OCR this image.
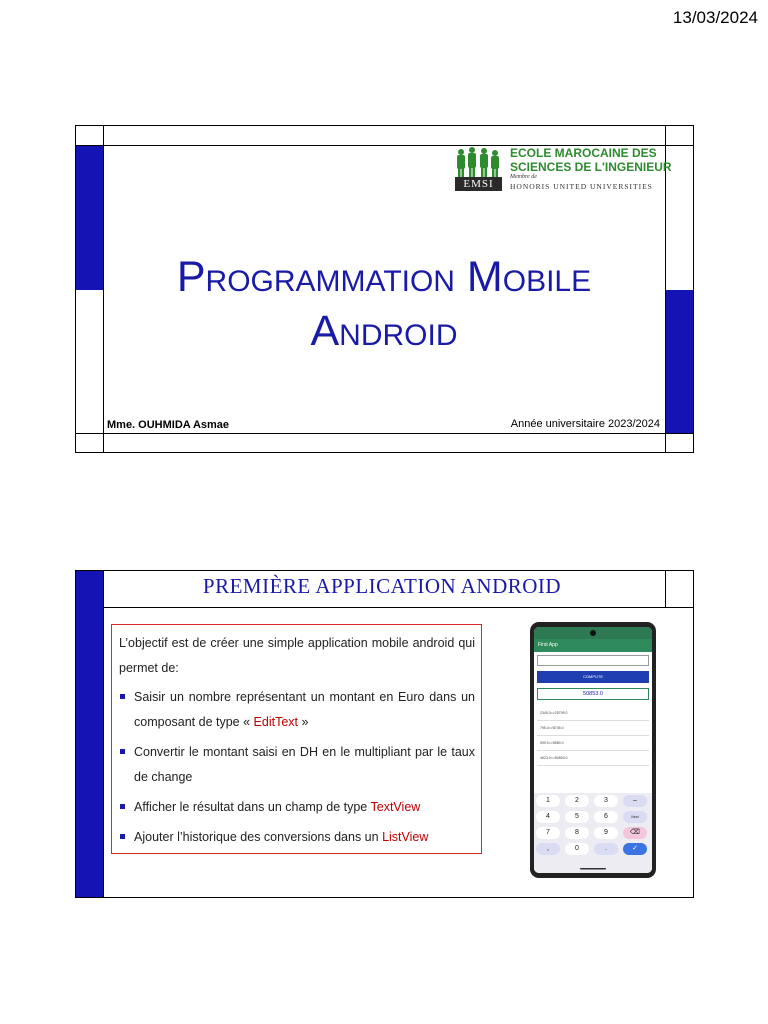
13/03/2024
EMSI
ECOLE MAROCAINE DES
SCIENCES DE L'INGENIEUR
Membre de
HONORIS UNITED UNIVERSITIES
Programmation Mobile
Android
Mme. OUHMIDA Asmae	Année universitaire 2023/2024
PREMIÈRE APPLICATION ANDROID
L’objectif est de créer une simple application mobile android qui permet de:
Saisir un nombre représentant un montant en Euro dans un composant de type « EditText »
Convertir le montant saisi en DH en le multipliant par le taux de change
Afficher le résultat dans un champ de type TextView
Ajouter l’historique des conversions dans un ListView
First App
COMPUTE
50853.0
2345.0=>25795.0
795.0=>8745.0
599.0=>6589.0
4623.0=>50853.0
1	2	3	–
4	5	6	Next
7	8	9	⌫
,	0	.	✓
